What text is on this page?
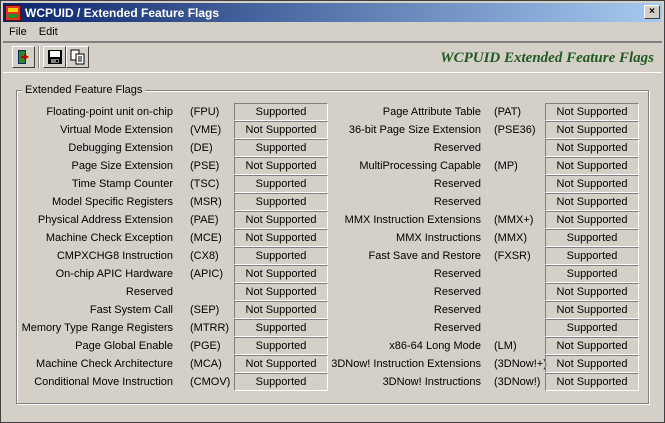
WCPUID / Extended Feature Flags	×
File	Edit
WCPUID Extended Feature Flags
Extended Feature Flags
Floating-point unit on-chip (FPU)	Supported
Virtual Mode Extension (VME)	Not Supported
Debugging Extension (DE)	Supported
Page Size Extension (PSE)	Not Supported
Time Stamp Counter (TSC)	Supported
Model Specific Registers (MSR)	Supported
Physical Address Extension (PAE)	Not Supported
Machine Check Exception (MCE)	Not Supported
CMPXCHG8 Instruction (CX8)	Supported
On-chip APIC Hardware (APIC)	Not Supported
Reserved	Not Supported
Fast System Call (SEP)	Not Supported
Memory Type Range Registers (MTRR)	Supported
Page Global Enable (PGE)	Supported
Machine Check Architecture (MCA)	Not Supported
Conditional Move Instruction (CMOV)	Supported
Page Attribute Table (PAT)	Not Supported
36-bit Page Size Extension (PSE36)	Not Supported
Reserved	Not Supported
MultiProcessing Capable (MP)	Not Supported
Reserved	Not Supported
Reserved	Not Supported
MMX Instruction Extensions (MMX+)	Not Supported
MMX Instructions (MMX)	Supported
Fast Save and Restore (FXSR)	Supported
Reserved	Supported
Reserved	Not Supported
Reserved	Not Supported
Reserved	Supported
x86-64 Long Mode (LM)	Not Supported
3DNow! Instruction Extensions (3DNow!+) Not Supported
3DNow! Instructions (3DNow!)	Not Supported
